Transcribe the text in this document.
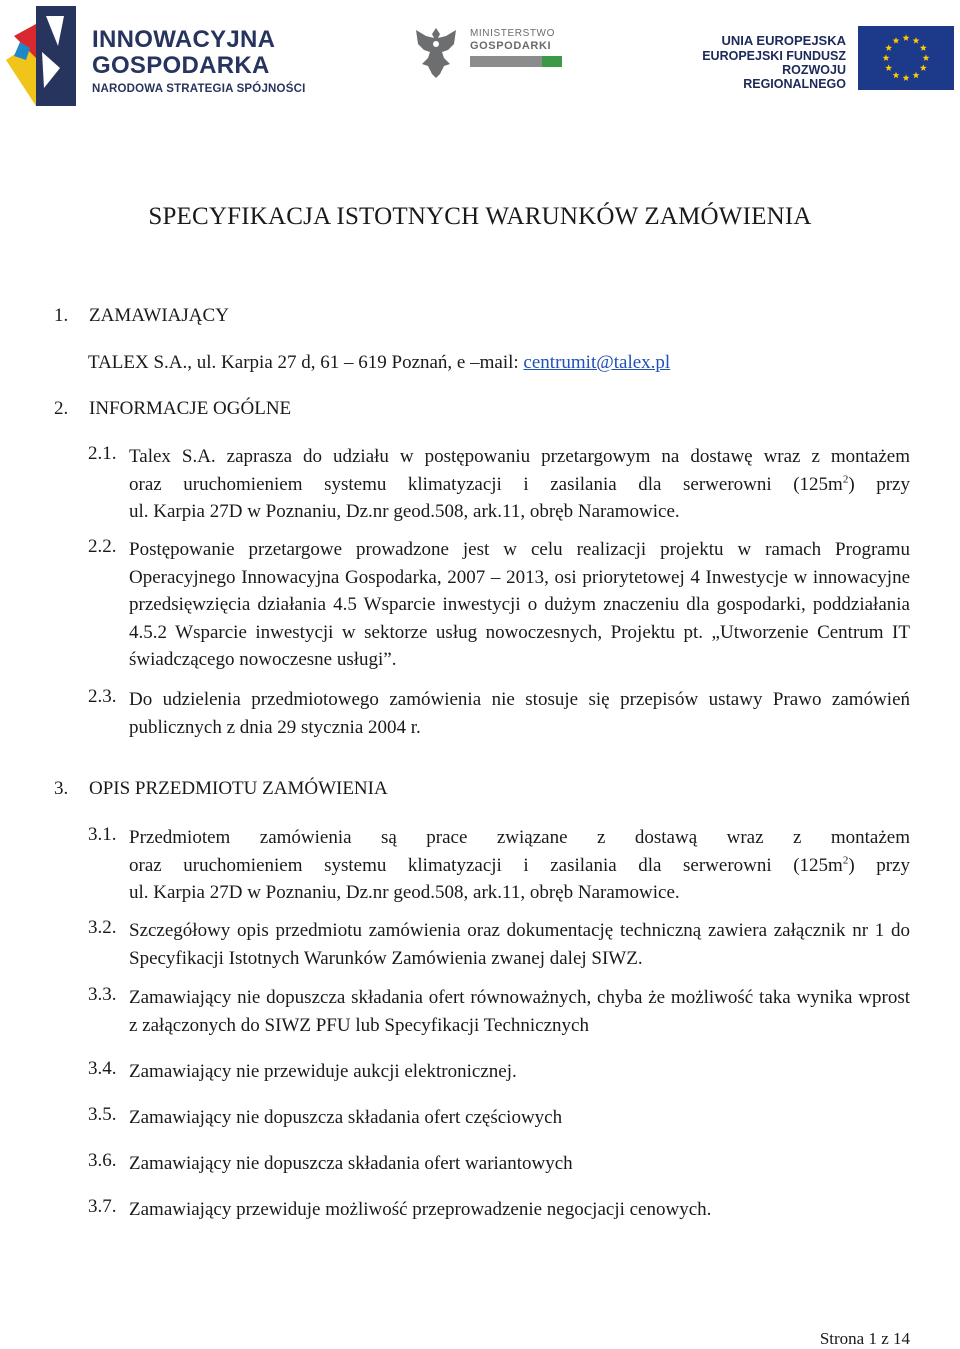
INNOWACYJNA
GOSPODARKA
NARODOWA STRATEGIA SPÓJNOŚCI
MINISTERSTWO
GOSPODARKI	UNIA EUROPEJSKA
EUROPEJSKI FUNDUSZ
ROZWOJU REGIONALNEGO
SPECYFIKACJA ISTOTNYCH WARUNKÓW ZAMÓWIENIA
1. ZAMAWIAJĄCY
TALEX S.A., ul. Karpia 27 d, 61 – 619 Poznań, e –mail: centrumit@talex.pl
2. INFORMACJE OGÓLNE
2.1. Talex S.A. zaprasza do udziału w postępowaniu przetargowym na dostawę wraz z montażem
oraz uruchomieniem systemu klimatyzacji i zasilania dla serwerowni $(125m^2)$ przy
ul. Karpia 27D w Poznaniu, Dz.nr geod.508, ark.11, obręb Naramowice.
2.2. Postępowanie przetargowe prowadzone jest w celu realizacji projektu w ramach Programu Operacyjnego Innowacyjna Gospodarka, 2007 – 2013, osi priorytetowej 4 Inwestycje w innowacyjne przedsięwzięcia działania 4.5 Wsparcie inwestycji o dużym znaczeniu dla gospodarki, poddziałania 4.5.2 Wsparcie inwestycji w sektorze usług nowoczesnych, Projektu pt. „Utworzenie Centrum IT świadczącego nowoczesne usługi”.
2.3. Do udzielenia przedmiotowego zamówienia nie stosuje się przepisów ustawy Prawo zamówień publicznych z dnia 29 stycznia 2004 r.
3. OPIS PRZEDMIOTU ZAMÓWIENIA
3.1. Przedmiotem zamówienia są prace związane z dostawą wraz z montażem
oraz uruchomieniem systemu klimatyzacji i zasilania dla serwerowni $(125m^2)$ przy
ul. Karpia 27D w Poznaniu, Dz.nr geod.508, ark.11, obręb Naramowice.
3.2. Szczegółowy opis przedmiotu zamówienia oraz dokumentację techniczną zawiera załącznik nr 1 do Specyfikacji Istotnych Warunków Zamówienia zwanej dalej SIWZ.
3.3. Zamawiający nie dopuszcza składania ofert równoważnych, chyba że możliwość taka wynika wprost z załączonych do SIWZ PFU lub Specyfikacji Technicznych
3.4. Zamawiający nie przewiduje aukcji elektronicznej.
3.5. Zamawiający nie dopuszcza składania ofert częściowych
3.6. Zamawiający nie dopuszcza składania ofert wariantowych
3.7. Zamawiający przewiduje możliwość przeprowadzenie negocjacji cenowych.
Strona 1 z 14
